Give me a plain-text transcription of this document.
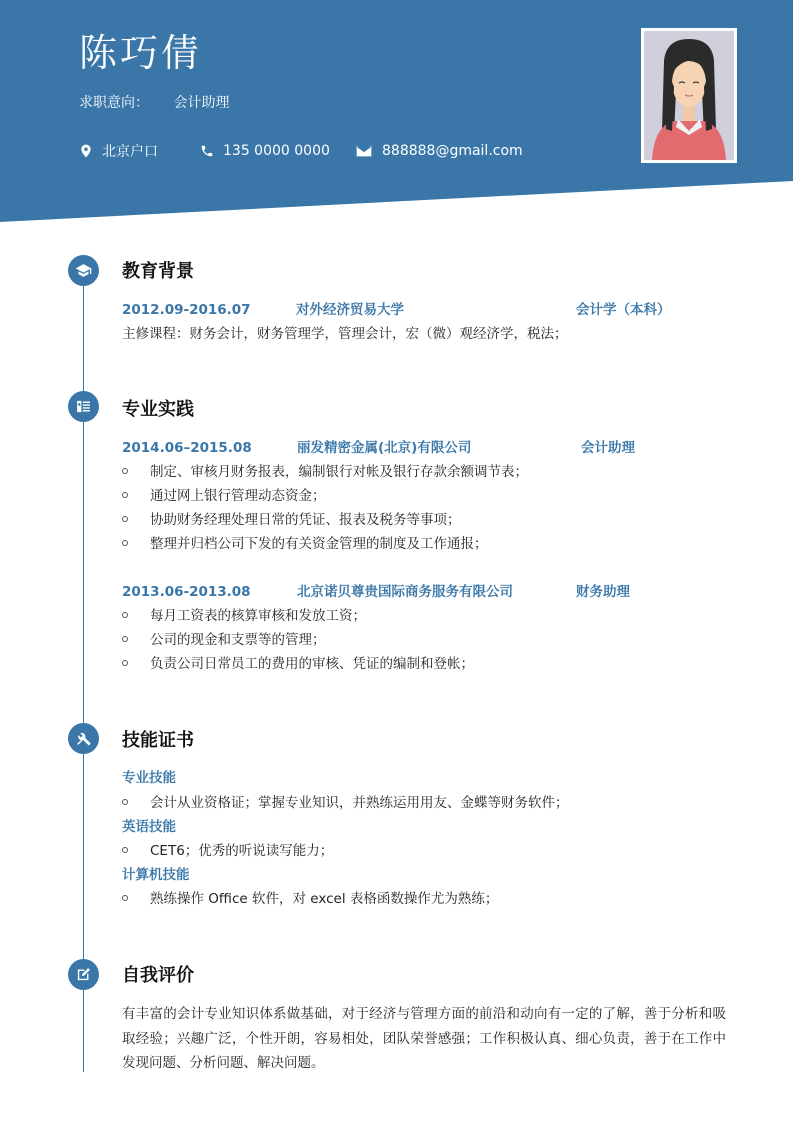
陈巧倩
求职意向： 会计助理
北京户口	135 0000 0000	888888@gmail.com
教育背景
2012.09-2016.07	对外经济贸易大学	会计学（本科）
主修课程：财务会计，财务管理学，管理会计，宏（微）观经济学，税法；
专业实践
2014.06–2015.08	丽发精密金属(北京)有限公司	会计助理
制定、审核月财务报表，编制银行对帐及银行存款余额调节表；
通过网上银行管理动态资金；
协助财务经理处理日常的凭证、报表及税务等事项；
整理并归档公司下发的有关资金管理的制度及工作通报；
2013.06-2013.08	北京诺贝尊贵国际商务服务有限公司	财务助理
每月工资表的核算审核和发放工资；
公司的现金和支票等的管理；
负责公司日常员工的费用的审核、凭证的编制和登帐；
技能证书
专业技能
会计从业资格证；掌握专业知识，并熟练运用用友、金蝶等财务软件；
英语技能
CET6；优秀的听说读写能力；
计算机技能
熟练操作 Office 软件，对 excel 表格函数操作尤为熟练；
自我评价

有丰富的会计专业知识体系做基础，对于经济与管理方面的前沿和动向有一定的了解，善于分析和吸取经验；兴趣广泛，个性开朗，容易相处，团队荣誉感强；工作积极认真、细心负责，善于在工作中发现问题、分析问题、解决问题。
